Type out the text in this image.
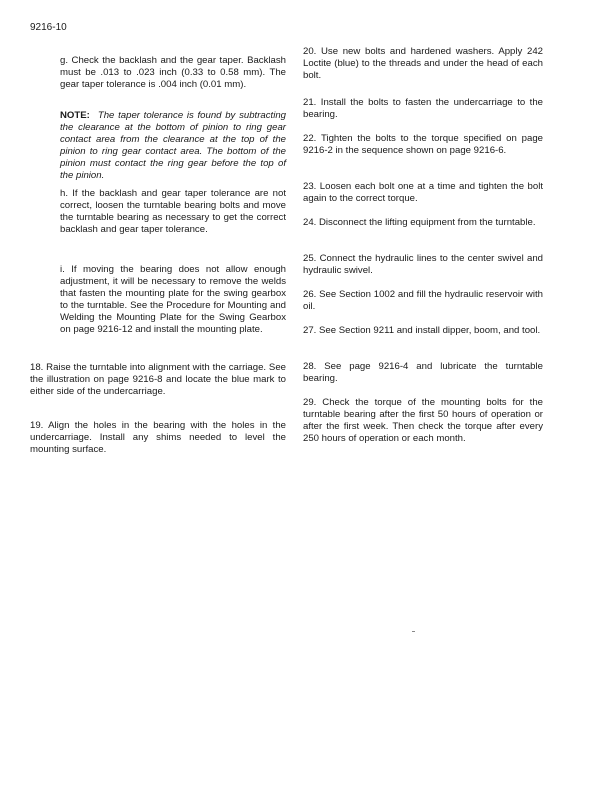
9216-10

g. Check the backlash and the gear taper. Backlash must be .013 to .023 inch (0.33 to 0.58 mm). The gear taper tolerance is .004 inch (0.01 mm).

NOTE: The taper tolerance is found by subtracting the clearance at the bottom of pinion to ring gear contact area from the clearance at the top of the pinion to ring gear contact area. The bottom of the pinion must contact the ring gear before the top of the pinion.

h. If the backlash and gear taper tolerance are not correct, loosen the turntable bearing bolts and move the turntable bearing as necessary to get the correct backlash and gear taper tolerance.

i. If moving the bearing does not allow enough adjustment, it will be necessary to remove the welds that fasten the mounting plate for the swing gearbox to the turntable. See the Procedure for Mounting and Welding the Mounting Plate for the Swing Gearbox on page 9216-12 and install the mounting plate.

18. Raise the turntable into alignment with the carriage. See the illustration on page 9216-8 and locate the blue mark to either side of the undercarriage.

19. Align the holes in the bearing with the holes in the undercarriage. Install any shims needed to level the mounting surface.

20. Use new bolts and hardened washers. Apply 242 Loctite (blue) to the threads and under the head of each bolt.

21. Install the bolts to fasten the undercarriage to the bearing.

22. Tighten the bolts to the torque specified on page 9216-2 in the sequence shown on page 9216-6.

23. Loosen each bolt one at a time and tighten the bolt again to the correct torque.

24. Disconnect the lifting equipment from the turntable.

25. Connect the hydraulic lines to the center swivel and hydraulic swivel.

26. See Section 1002 and fill the hydraulic reservoir with oil.

27. See Section 9211 and install dipper, boom, and tool.

28. See page 9216-4 and lubricate the turntable bearing.

29. Check the torque of the mounting bolts for the turntable bearing after the first 50 hours of operation or after the first week. Then check the torque after every 250 hours of operation or each month.
